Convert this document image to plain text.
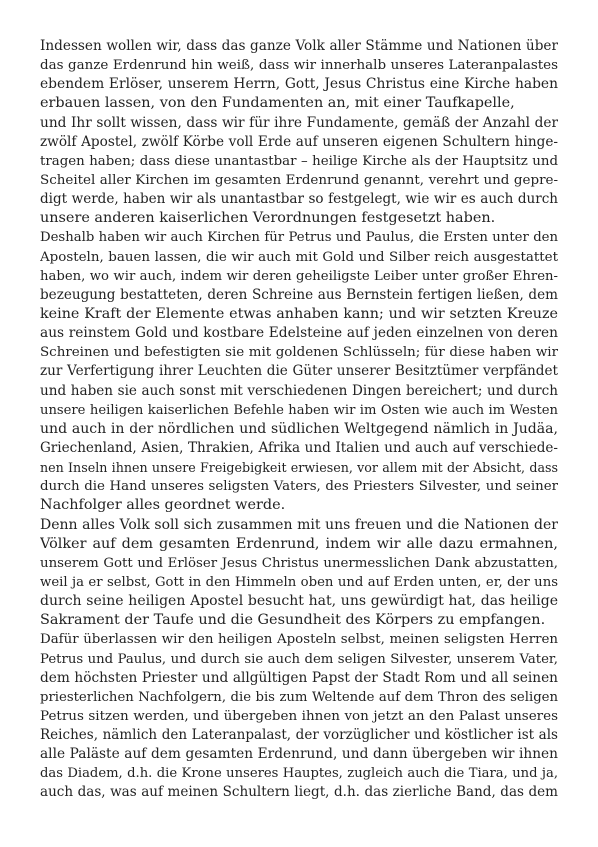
Indessen wollen wir, dass das ganze Volk aller Stämme und Nationen über
das ganze Erdenrund hin weiß, dass wir innerhalb unseres Lateranpalastes
ebendem Erlöser, unserem Herrn, Gott, Jesus Christus eine Kirche haben
erbauen lassen, von den Fundamenten an, mit einer Taufkapelle,
und Ihr sollt wissen, dass wir für ihre Fundamente, gemäß der Anzahl der
zwölf Apostel, zwölf Körbe voll Erde auf unseren eigenen Schultern hinge-
tragen haben; dass diese unantastbar – heilige Kirche als der Hauptsitz und
Scheitel aller Kirchen im gesamten Erdenrund genannt, verehrt und gepre-
digt werde, haben wir als unantastbar so festgelegt, wie wir es auch durch
unsere anderen kaiserlichen Verordnungen festgesetzt haben.
Deshalb haben wir auch Kirchen für Petrus und Paulus, die Ersten unter den
Aposteln, bauen lassen, die wir auch mit Gold und Silber reich ausgestattet
haben, wo wir auch, indem wir deren geheiligste Leiber unter großer Ehren-
bezeugung bestatteten, deren Schreine aus Bernstein fertigen ließen, dem
keine Kraft der Elemente etwas anhaben kann; und wir setzten Kreuze
aus reinstem Gold und kostbare Edelsteine auf jeden einzelnen von deren
Schreinen und befestigten sie mit goldenen Schlüsseln; für diese haben wir
zur Verfertigung ihrer Leuchten die Güter unserer Besitztümer verpfändet
und haben sie auch sonst mit verschiedenen Dingen bereichert; und durch
unsere heiligen kaiserlichen Befehle haben wir im Osten wie auch im Westen
und auch in der nördlichen und südlichen Weltgegend nämlich in Judäa,
Griechenland, Asien, Thrakien, Afrika und Italien und auch auf verschiede-
nen Inseln ihnen unsere Freigebigkeit erwiesen, vor allem mit der Absicht, dass
durch die Hand unseres seligsten Vaters, des Priesters Silvester, und seiner
Nachfolger alles geordnet werde.
Denn alles Volk soll sich zusammen mit uns freuen und die Nationen der
Völker auf dem gesamten Erdenrund, indem wir alle dazu ermahnen,
unserem Gott und Erlöser Jesus Christus unermesslichen Dank abzustatten,
weil ja er selbst, Gott in den Himmeln oben und auf Erden unten, er, der uns
durch seine heiligen Apostel besucht hat, uns gewürdigt hat, das heilige
Sakrament der Taufe und die Gesundheit des Körpers zu empfangen.
Dafür überlassen wir den heiligen Aposteln selbst, meinen seligsten Herren
Petrus und Paulus, und durch sie auch dem seligen Silvester, unserem Vater,
dem höchsten Priester und allgültigen Papst der Stadt Rom und all seinen
priesterlichen Nachfolgern, die bis zum Weltende auf dem Thron des seligen
Petrus sitzen werden, und übergeben ihnen von jetzt an den Palast unseres
Reiches, nämlich den Lateranpalast, der vorzüglicher und köstlicher ist als
alle Paläste auf dem gesamten Erdenrund, und dann übergeben wir ihnen
das Diadem, d.h. die Krone unseres Hauptes, zugleich auch die Tiara, und ja,
auch das, was auf meinen Schultern liegt, d.h. das zierliche Band, das dem
